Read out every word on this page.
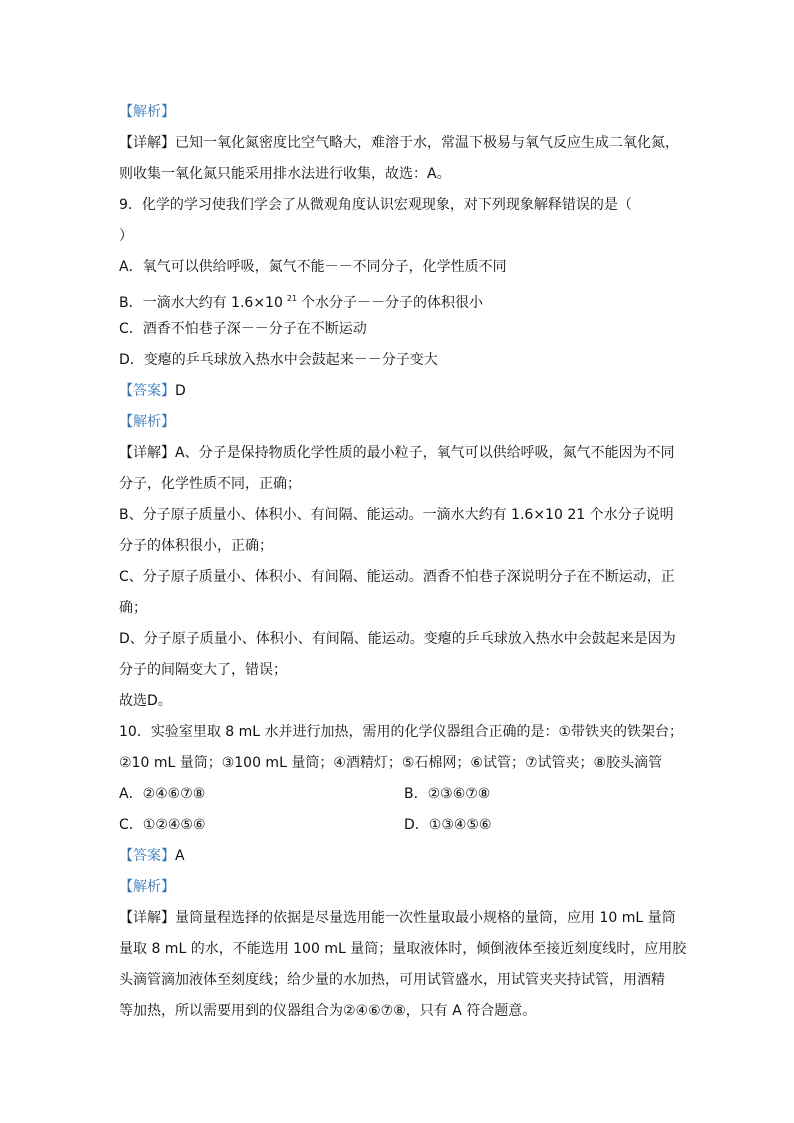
【解析】
【详解】已知一氧化氮密度比空气略大，难溶于水，常温下极易与氧气反应生成二氧化氮，
则收集一氧化氮只能采用排水法进行收集，故选：A。
9．化学的学习使我们学会了从微观角度认识宏观现象，对下列现象解释错误的是（
）
A．氧气可以供给呼吸，氮气不能－－不同分子，化学性质不同
B．一滴水大约有 1.6×10 $^{21}$ 个水分子－－分子的体积很小
C．酒香不怕巷子深－－分子在不断运动
D．变瘪的乒乓球放入热水中会鼓起来－－分子变大
【答案】D
【解析】
【详解】A、分子是保持物质化学性质的最小粒子，氧气可以供给呼吸，氮气不能因为不同
分子，化学性质不同，正确；
B、分子原子质量小、体积小、有间隔、能运动。一滴水大约有 1.6×10 21 个水分子说明
分子的体积很小，正确；
C、分子原子质量小、体积小、有间隔、能运动。酒香不怕巷子深说明分子在不断运动，正
确；
D、分子原子质量小、体积小、有间隔、能运动。变瘪的乒乓球放入热水中会鼓起来是因为
分子的间隔变大了，错误；
故选D。
10．实验室里取 8 mL 水并进行加热，需用的化学仪器组合正确的是：①带铁夹的铁架台；
②10 mL 量筒；③100 mL 量筒；④酒精灯；⑤石棉网；⑥试管；⑦试管夹；⑧胶头滴管
A．②④⑥⑦⑧	B．②③⑥⑦⑧
C．①②④⑤⑥	D．①③④⑤⑥
【答案】A
【解析】
【详解】量筒量程选择的依据是尽量选用能一次性量取最小规格的量筒，应用 10 mL 量筒
量取 8 mL 的水，不能选用 100 mL 量筒；量取液体时，倾倒液体至接近刻度线时，应用胶
头滴管滴加液体至刻度线；给少量的水加热，可用试管盛水，用试管夹夹持试管，用酒精
等加热，所以需要用到的仪器组合为②④⑥⑦⑧，只有 A 符合题意。
